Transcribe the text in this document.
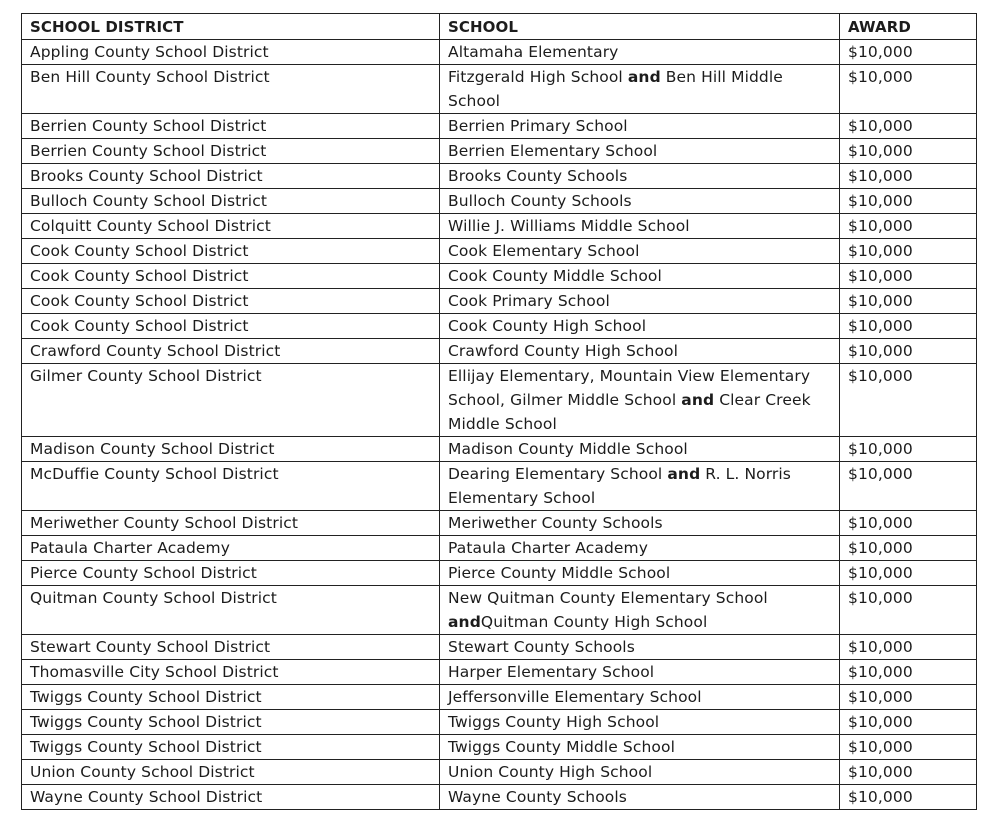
SCHOOL DISTRICT	SCHOOL	AWARD
Appling County School District	Altamaha Elementary	$10,000
Ben Hill County School District	Fitzgerald High School and Ben Hill Middle School	$10,000
Berrien County School District	Berrien Primary School	$10,000
Berrien County School District	Berrien Elementary School	$10,000
Brooks County School District	Brooks County Schools	$10,000
Bulloch County School District	Bulloch County Schools	$10,000
Colquitt County School District	Willie J. Williams Middle School	$10,000
Cook County School District	Cook Elementary School	$10,000
Cook County School District	Cook County Middle School	$10,000
Cook County School District	Cook Primary School	$10,000
Cook County School District	Cook County High School	$10,000
Crawford County School District	Crawford County High School	$10,000
Gilmer County School District	Ellijay Elementary, Mountain View Elementary School, Gilmer Middle School and Clear Creek Middle School	$10,000
Madison County School District	Madison County Middle School	$10,000
McDuffie County School District	Dearing Elementary School and R. L. Norris Elementary School	$10,000
Meriwether County School District	Meriwether County Schools	$10,000
Pataula Charter Academy	Pataula Charter Academy	$10,000
Pierce County School District	Pierce County Middle School	$10,000
Quitman County School District	New Quitman County Elementary School andQuitman County High School	$10,000
Stewart County School District	Stewart County Schools	$10,000
Thomasville City School District	Harper Elementary School	$10,000
Twiggs County School District	Jeffersonville Elementary School	$10,000
Twiggs County School District	Twiggs County High School	$10,000
Twiggs County School District	Twiggs County Middle School	$10,000
Union County School District	Union County High School	$10,000
Wayne County School District	Wayne County Schools	$10,000
